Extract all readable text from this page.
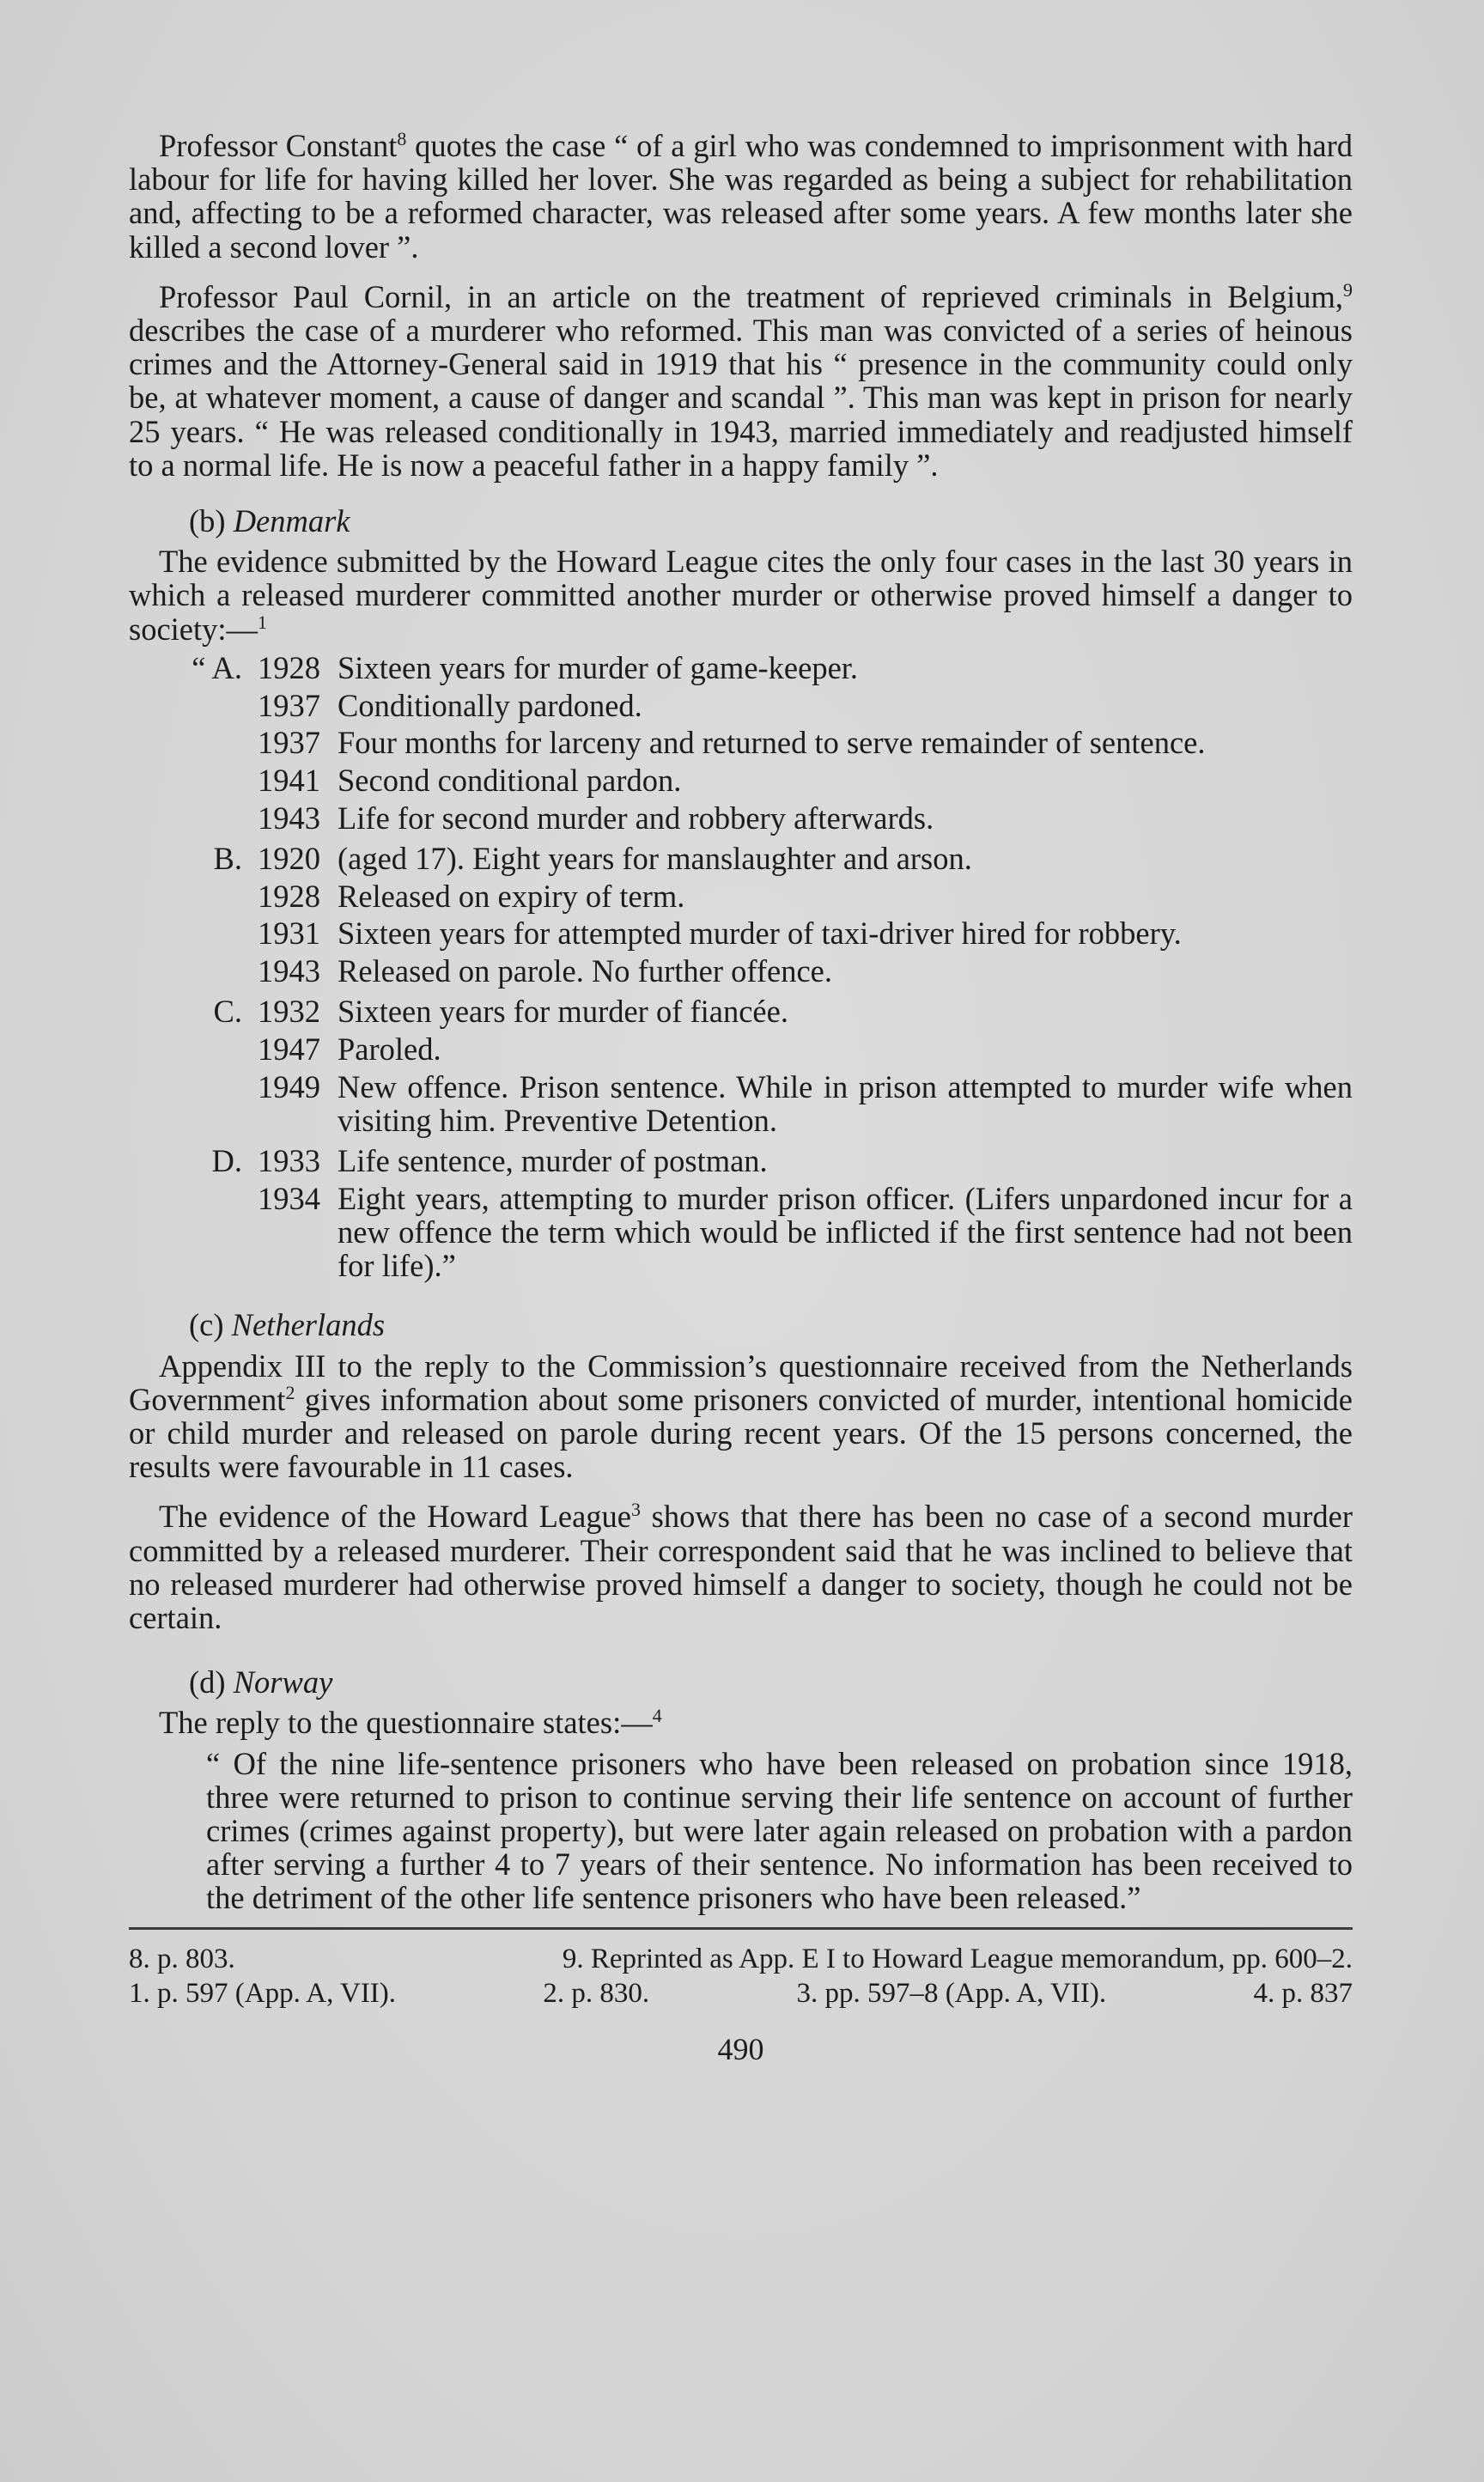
Professor Constant$^8$ quotes the case “ of a girl who was condemned to imprisonment with hard labour for life for having killed her lover. She was regarded as being a subject for rehabilitation and, affecting to be a reformed character, was released after some years. A few months later she killed a second lover ”.

Professor Paul Cornil, in an article on the treatment of reprieved criminals in Belgium,$^9$ describes the case of a murderer who reformed. This man was convicted of a series of heinous crimes and the Attorney-General said in 1919 that his “ presence in the community could only be, at whatever moment, a cause of danger and scandal ”. This man was kept in prison for nearly 25 years. “ He was released conditionally in 1943, married immediately and readjusted himself to a normal life. He is now a peaceful father in a happy family ”.

(b) Denmark

The evidence submitted by the Howard League cites the only four cases in the last 30 years in which a released murderer committed another murder or otherwise proved himself a danger to society:—$^1$

“ A. 1928 Sixteen years for murder of game-keeper.
1937 Conditionally pardoned.
1937 Four months for larceny and returned to serve remainder of sentence.
1941 Second conditional pardon.
1943 Life for second murder and robbery afterwards.
B. 1920 (aged 17). Eight years for manslaughter and arson.
1928 Released on expiry of term.
1931 Sixteen years for attempted murder of taxi-driver hired for robbery.
1943 Released on parole. No further offence.
C. 1932 Sixteen years for murder of fiancée.
1947 Paroled.
1949 New offence. Prison sentence. While in prison attempted to murder wife when visiting him. Preventive Detention.
D. 1933 Life sentence, murder of postman.
1934 Eight years, attempting to murder prison officer. (Lifers unpardoned incur for a new offence the term which would be inflicted if the first sentence had not been for life).”
(c) Netherlands

Appendix III to the reply to the Commission’s questionnaire received from the Netherlands Government$^2$ gives information about some prisoners convicted of murder, intentional homicide or child murder and released on parole during recent years. Of the 15 persons concerned, the results were favourable in 11 cases.

The evidence of the Howard League$^3$ shows that there has been no case of a second murder committed by a released murderer. Their correspondent said that he was inclined to believe that no released murderer had otherwise proved himself a danger to society, though he could not be certain.

(d) Norway

The reply to the questionnaire states:—$^4$

“ Of the nine life-sentence prisoners who have been released on probation since 1918, three were returned to prison to continue serving their life sentence on account of further crimes (crimes against property), but were later again released on probation with a pardon after serving a further 4 to 7 years of their sentence. No information has been received to the detriment of the other life sentence prisoners who have been released.”

8. p. 803.	9. Reprinted as App. E I to Howard League memorandum, pp. 600–2.
1. p. 597 (App. A, VII).	2. p. 830.	3. pp. 597–8 (App. A, VII).	4. p. 837
490
